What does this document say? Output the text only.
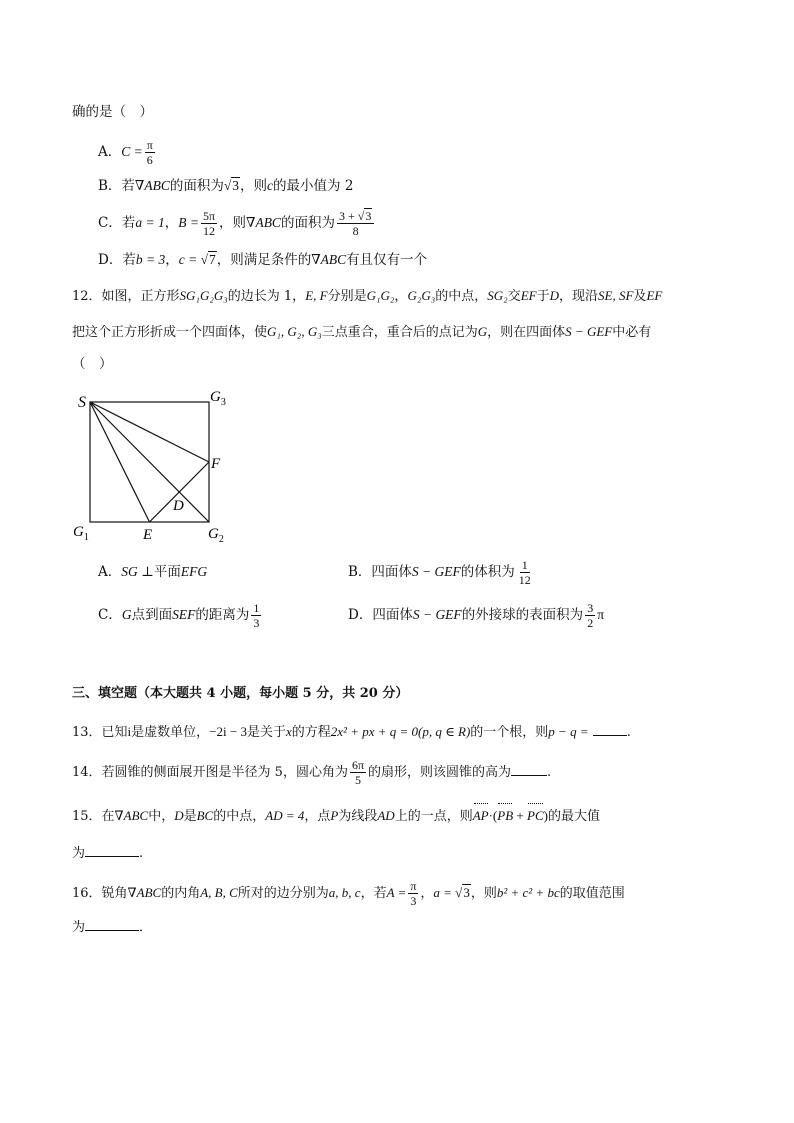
确的是（　）
A．$C = \frac{\pi}{6}$
B．若∇ABC的面积为√3，则c的最小值为 2
C．若a = 1，$B = \frac{5\pi}{12}$ ，则∇ABC的面积为 $\frac{3 + √3}{8}$
D．若b = 3，c = √7，则满足条件的∇ABC有且仅有一个
12．如图，正方形SG₁G₂G₃的边长为 1，E, F分别是G₁G₂，G₂G₃的中点，SG₂交EF于D，现沿SE, SF及EF
把这个正方形折成一个四面体，使G₁, G₂, G₃三点重合，重合后的点记为G，则在四面体S − GEF中必有
（　）
S	$G_3$
F
D
$G_1$	E	$G_2$
A．SG ⊥平面EFG	B．四面体S − GEF的体积为 $\frac{1}{12}$
C．G点到面SEF的距离为 $\frac{1}{3}$	D．四面体S − GEF的外接球的表面积为 $\frac{3}{2}$ π
三、填空题（本大题共 4 小题，每小题 5 分，共 20 分）
13．已知i是虚数单位，−2i − 3是关于x的方程2x² + px + q = 0(p, q ∈ R)的一个根，则p − q =	.
14．若圆锥的侧面展开图是半径为 5，圆心角为 $\frac{6\pi}{5}$ 的扇形，则该圆锥的高为	.
15．在∇ABC中，D是BC的中点，AD = 4，点P为线段AD上的一点，则AP·(PB + PC)的最大值
为	.
16．锐角∇ABC的内角A, B, C所对的边分别为a, b, c，若$A = \frac{\pi}{3}$ ，a = √3，则b² + c² + bc的取值范围
为	．
